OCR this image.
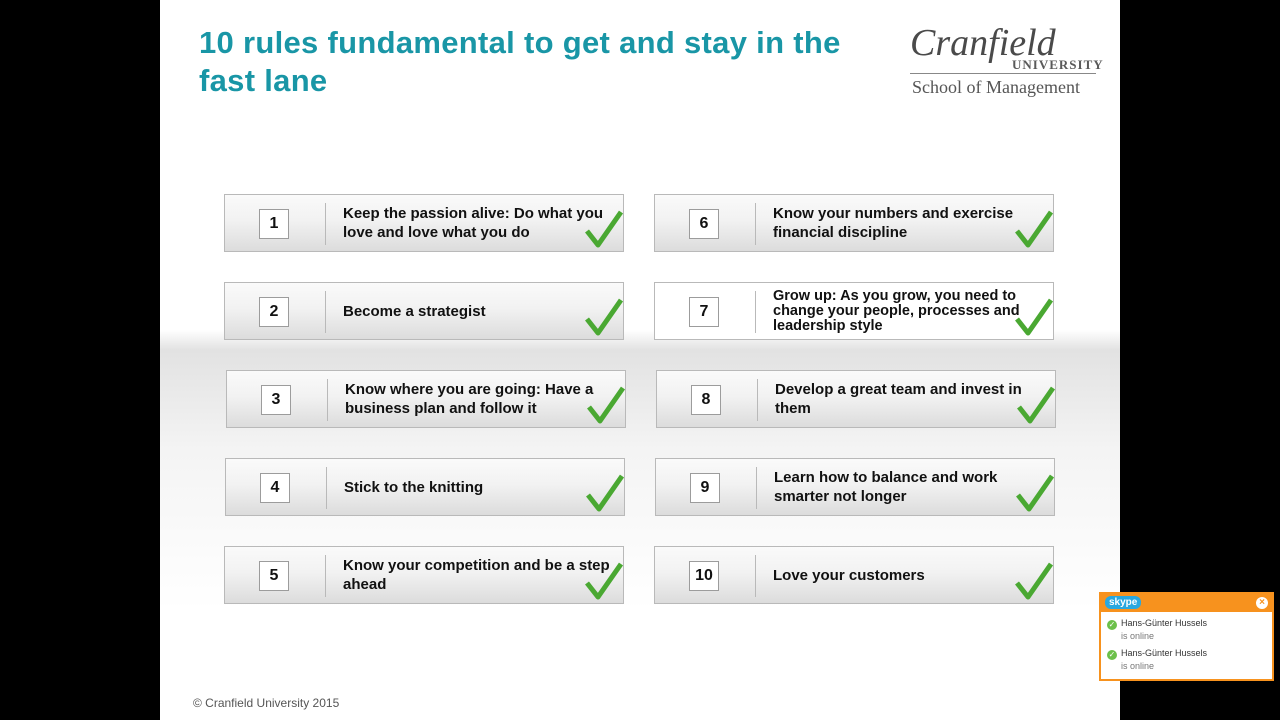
10 rules fundamental to get and stay in the fast lane
Cranfield
UNIVERSITY
School of Management
1
Keep the passion alive: Do what you love and love what you do
2	Become a strategist
3
Know where you are going: Have a business plan and follow it
4	Stick to the knitting
5
Know your competition and be a step ahead
6
Know your numbers and exercise financial discipline
7
Grow up: As you grow, you need to change your people, processes and leadership style
8
Develop a great team and invest in them
9
Learn how to balance and work smarter not longer
10	Love your customers
© Cranfield University 2015
skype	×
✓ Hans-Günter Hussels
is online
✓ Hans-Günter Hussels
is online
